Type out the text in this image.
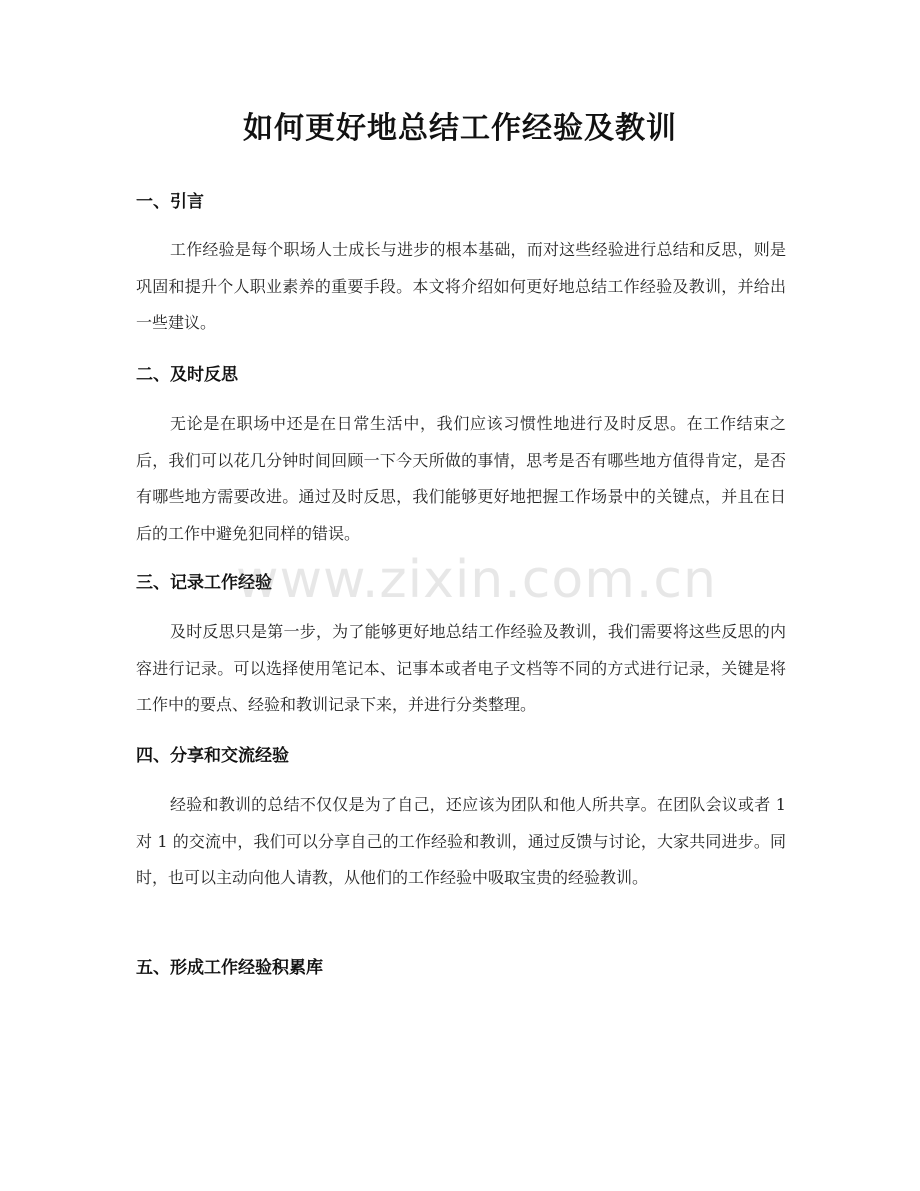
如何更好地总结工作经验及教训
一、引言

工作经验是每个职场人士成长与进步的根本基础，而对这些经验进行总结和反思，则是巩固和提升个人职业素养的重要手段。本文将介绍如何更好地总结工作经验及教训，并给出一些建议。

二、及时反思

无论是在职场中还是在日常生活中，我们应该习惯性地进行及时反思。在工作结束之后，我们可以花几分钟时间回顾一下今天所做的事情，思考是否有哪些地方值得肯定，是否有哪些地方需要改进。通过及时反思，我们能够更好地把握工作场景中的关键点，并且在日后的工作中避免犯同样的错误。

三、记录工作经验

及时反思只是第一步，为了能够更好地总结工作经验及教训，我们需要将这些反思的内容进行记录。可以选择使用笔记本、记事本或者电子文档等不同的方式进行记录，关键是将工作中的要点、经验和教训记录下来，并进行分类整理。

四、分享和交流经验

经验和教训的总结不仅仅是为了自己，还应该为团队和他人所共享。在团队会议或者 1 对 1 的交流中，我们可以分享自己的工作经验和教训，通过反馈与讨论，大家共同进步。同时，也可以主动向他人请教，从他们的工作经验中吸取宝贵的经验教训。

五、形成工作经验积累库
www.zixin.com.cn
